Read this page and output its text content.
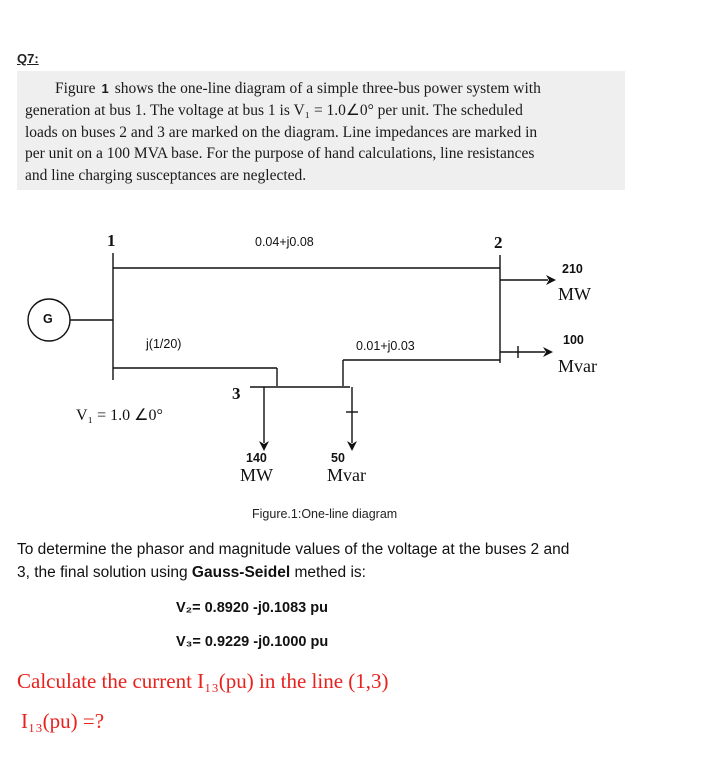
Q7:
Figure 1 shows the one-line diagram of a simple three-bus power system with
generation at bus 1. The voltage at bus 1 is V₁ = 1.0∠0° per unit. The scheduled
loads on buses 2 and 3 are marked on the diagram. Line impedances are marked in
per unit on a 100 MVA base. For the purpose of hand calculations, line resistances
and line charging susceptances are neglected.
1	2
3
G
0.04+j0.08
j(1/20)	0.01+j0.03
V₁ = 1.0 ∠0°
210
MW
100
Mvar
140
MW
50
Mvar
Figure.1:One-line diagram
To determine the phasor and magnitude values of the voltage at the buses 2 and
3, the final solution using Gauss-Seidel methed is:
V₂= 0.8920 -j0.1083 pu
V₃= 0.9229 -j0.1000 pu
Calculate the current I₁₃(pu) in the line (1,3)
I₁₃(pu) =?
